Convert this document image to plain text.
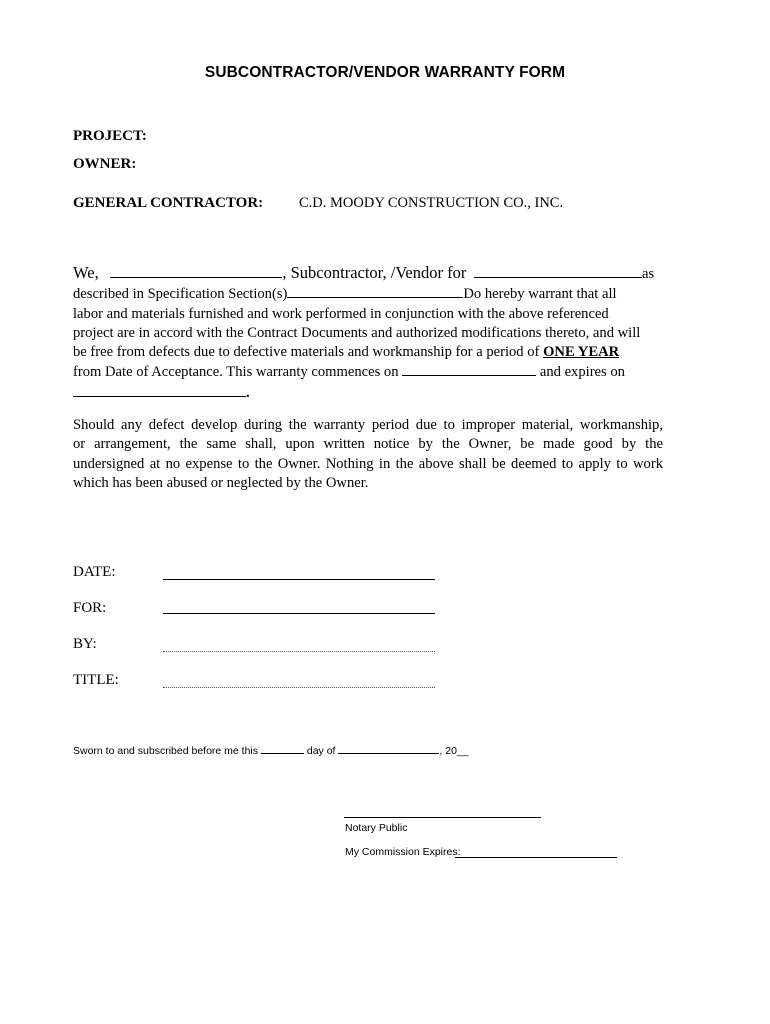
SUBCONTRACTOR/VENDOR WARRANTY FORM
PROJECT:
OWNER:
GENERAL CONTRACTOR: C.D. MOODY CONSTRUCTION CO., INC.
We,	, Subcontractor, /Vendor for	as
described in Specification Section(s)	Do hereby warrant that all
labor and materials furnished and work performed in conjunction with the above referenced
project are in accord with the Contract Documents and authorized modifications thereto, and will
be free from defects due to defective materials and workmanship for a period of ONE YEAR
from Date of Acceptance. This warranty commences on	and expires on
.
Should any defect develop during the warranty period due to improper material, workmanship,
or arrangement, the same shall, upon written notice by the Owner, be made good by the
undersigned at no expense to the Owner. Nothing in the above shall be deemed to apply to work
which has been abused or neglected by the Owner.
DATE:
FOR:
BY:
TITLE:
Sworn to and subscribed before me this	day of	, 20__
Notary Public
My Commission Expires:
